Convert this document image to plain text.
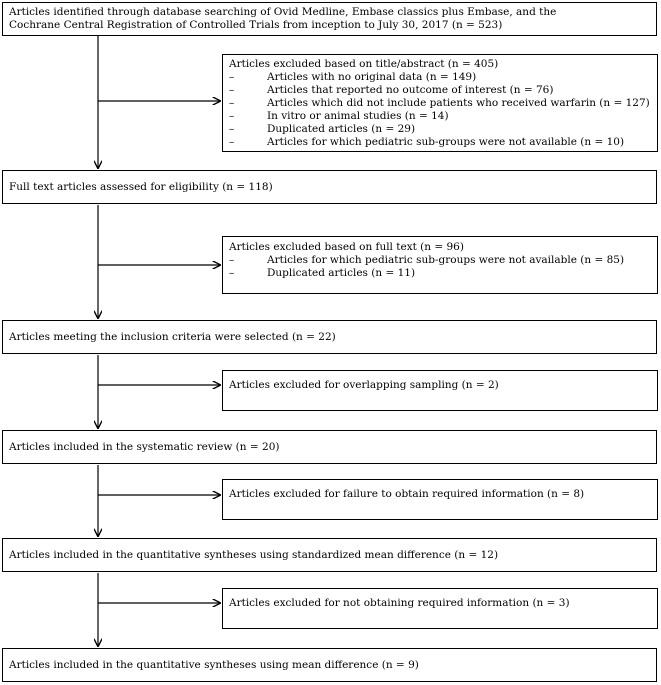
Articles identified through database searching of Ovid Medline, Embase classics plus Embase, and the
Cochrane Central Registration of Controlled Trials from inception to July 30, 2017 (n = 523)
Articles excluded based on title/abstract (n = 405)
–	Articles with no original data (n = 149)
–	Articles that reported no outcome of interest (n = 76)
–	Articles which did not include patients who received warfarin (n = 127)
–	In vitro or animal studies (n = 14)
–	Duplicated articles (n = 29)
–	Articles for which pediatric sub-groups were not available (n = 10)
Full text articles assessed for eligibility (n = 118)
Articles excluded based on full text (n = 96)
–	Articles for which pediatric sub-groups were not available (n = 85)
–	Duplicated articles (n = 11)
Articles meeting the inclusion criteria were selected (n = 22)
Articles excluded for overlapping sampling (n = 2)
Articles included in the systematic review (n = 20)
Articles excluded for failure to obtain required information (n = 8)
Articles included in the quantitative syntheses using standardized mean difference (n = 12)
Articles excluded for not obtaining required information (n = 3)
Articles included in the quantitative syntheses using mean difference (n = 9)
